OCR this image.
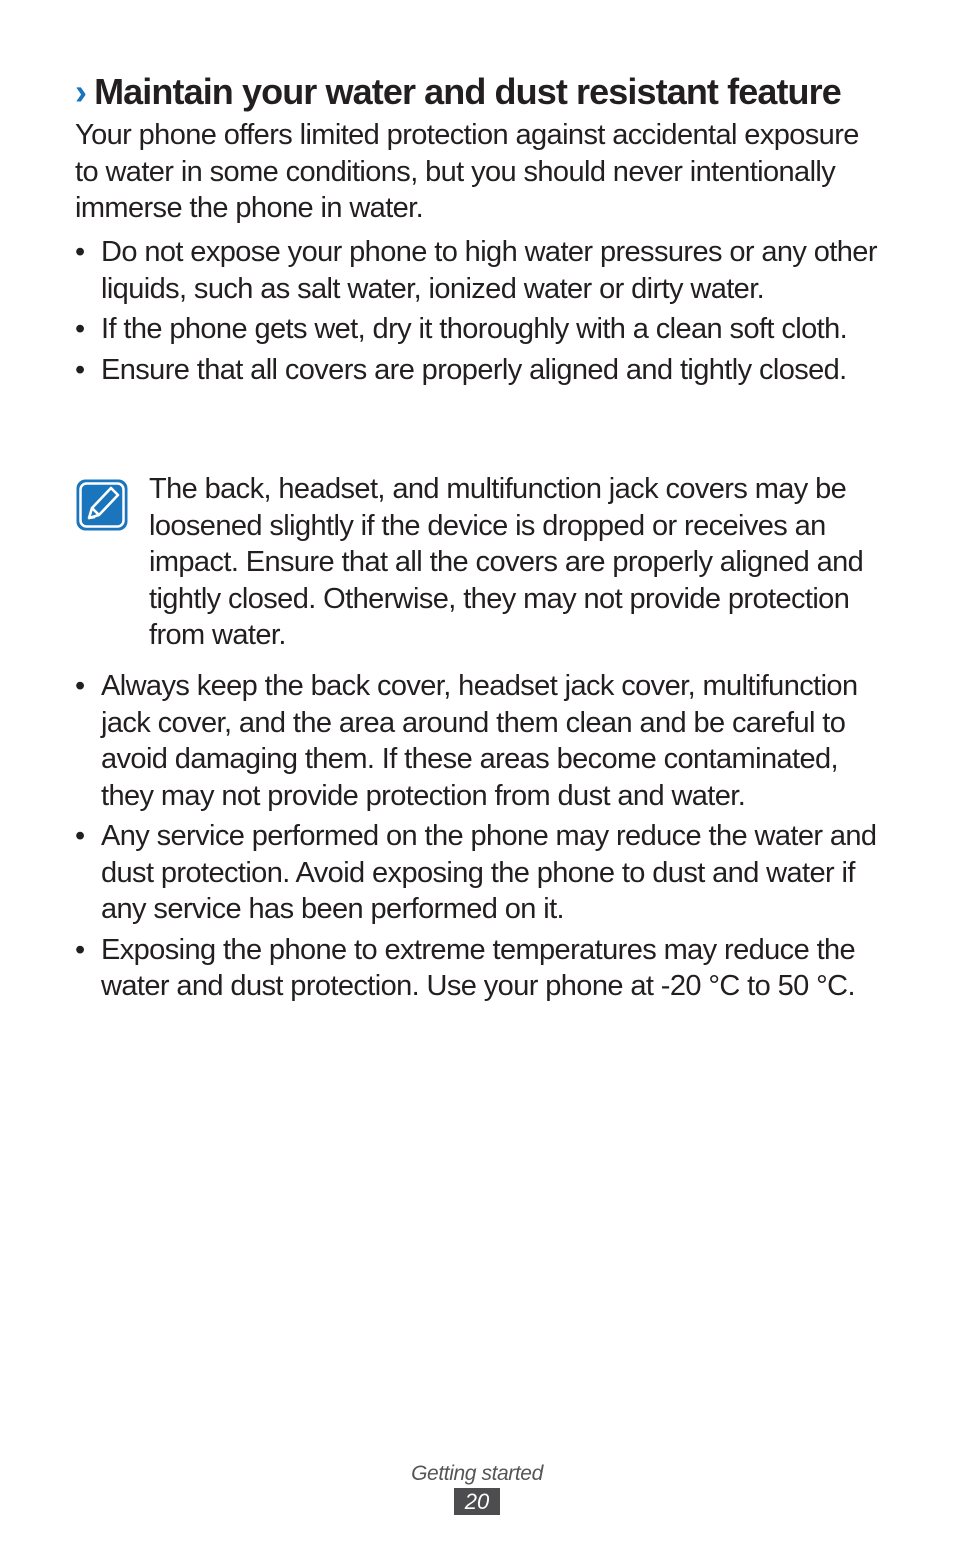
› Maintain your water and dust resistant feature

Your phone offers limited protection against accidental exposure to water in some conditions, but you should never intentionally immerse the phone in water.

• Do not expose your phone to high water pressures or any other liquids, such as salt water, ionized water or dirty water.
• If the phone gets wet, dry it thoroughly with a clean soft cloth.
• Ensure that all covers are properly aligned and tightly closed.
The back, headset, and multifunction jack covers may be loosened slightly if the device is dropped or receives an impact. Ensure that all the covers are properly aligned and tightly closed. Otherwise, they may not provide protection from water.
• Always keep the back cover, headset jack cover, multifunction jack cover, and the area around them clean and be careful to avoid damaging them. If these areas become contaminated, they may not provide protection from dust and water.
• Any service performed on the phone may reduce the water and dust protection. Avoid exposing the phone to dust and water if any service has been performed on it.
• Exposing the phone to extreme temperatures may reduce the water and dust protection. Use your phone at -20 °C to 50 °C.
Getting started
20
